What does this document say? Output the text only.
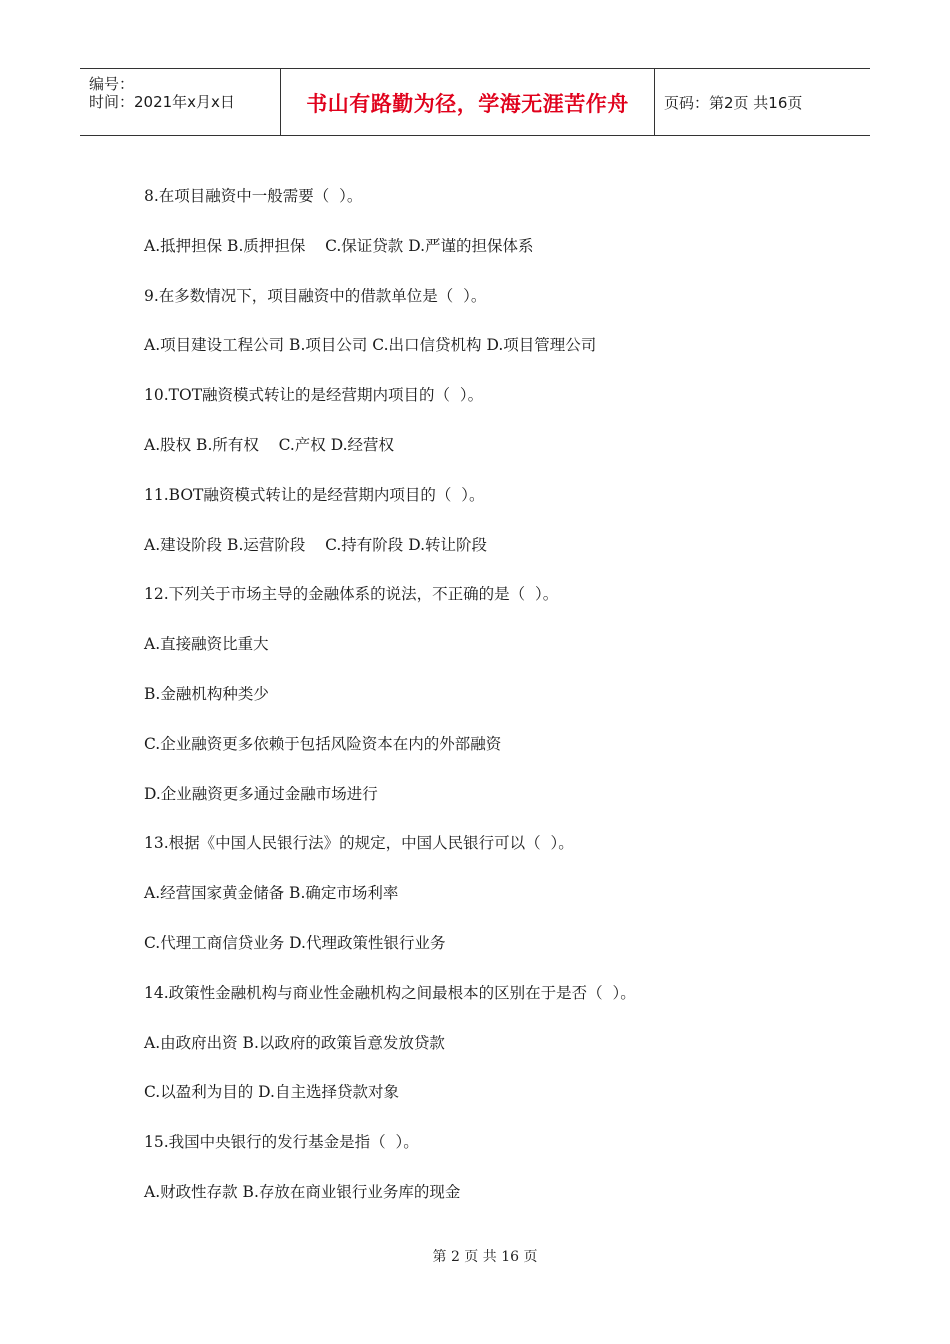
编号：
时间：2021年x月x日	书山有路勤为径，学海无涯苦作舟 页码：第2页 共16页
8.在项目融资中一般需要（  ）。
A.抵押担保 B.质押担保    C.保证贷款 D.严谨的担保体系
9.在多数情况下，项目融资中的借款单位是（  ）。
A.项目建设工程公司 B.项目公司 C.出口信贷机构 D.项目管理公司
10.TOT融资模式转让的是经营期内项目的（  ）。
A.股权 B.所有权    C.产权 D.经营权
11.BOT融资模式转让的是经营期内项目的（  ）。
A.建设阶段 B.运营阶段    C.持有阶段 D.转让阶段
12.下列关于市场主导的金融体系的说法，不正确的是（  ）。
A.直接融资比重大
B.金融机构种类少
C.企业融资更多依赖于包括风险资本在内的外部融资
D.企业融资更多通过金融市场进行
13.根据《中国人民银行法》的规定，中国人民银行可以（  ）。
A.经营国家黄金储备 B.确定市场利率
C.代理工商信贷业务 D.代理政策性银行业务
14.政策性金融机构与商业性金融机构之间最根本的区别在于是否（  ）。
A.由政府出资 B.以政府的政策旨意发放贷款
C.以盈利为目的 D.自主选择贷款对象
15.我国中央银行的发行基金是指（  ）。
A.财政性存款 B.存放在商业银行业务库的现金
第 2 页 共 16 页
